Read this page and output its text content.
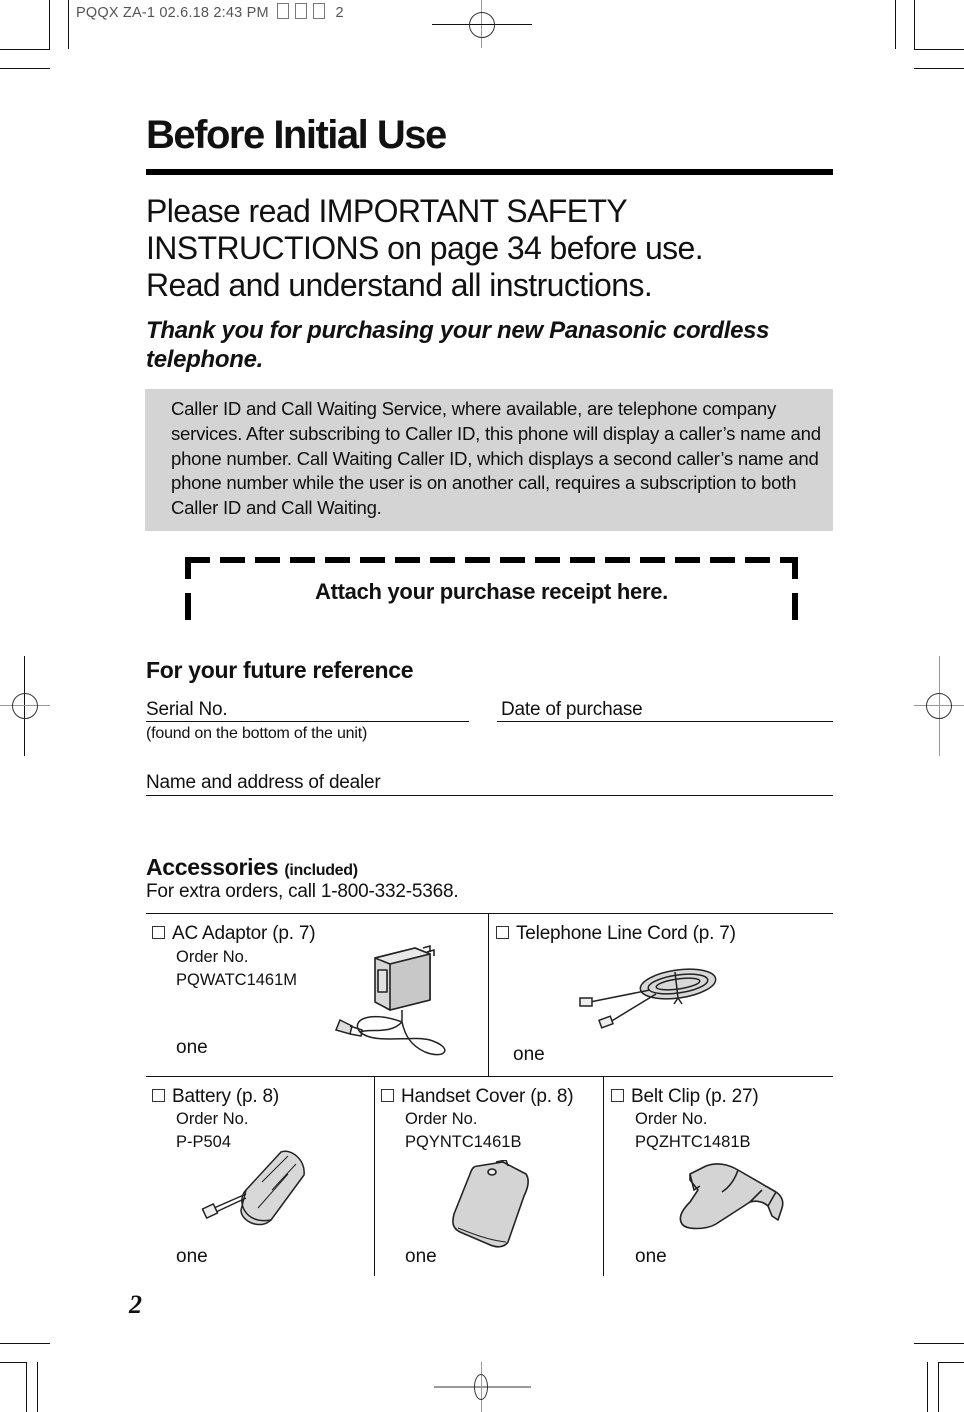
PQQX ZA-1 02.6.18 2:43 PM	2
Before Initial Use
Please read IMPORTANT SAFETY
INSTRUCTIONS on page 34 before use.
Read and understand all instructions.
Thank you for purchasing your new Panasonic cordless telephone.
Caller ID and Call Waiting Service, where available, are telephone company services. After subscribing to Caller ID, this phone will display a caller’s name and phone number. Call Waiting Caller ID, which displays a second caller’s name and phone number while the user is on another call, requires a subscription to both Caller ID and Call Waiting.
Attach your purchase receipt here.
For your future reference
Serial No.
(found on the bottom of the unit)
Date of purchase
Name and address of dealer
Accessories (included)
For extra orders, call 1-800-332-5368.
AC Adaptor (p. 7)
Order No.
PQWATC1461M
one
Telephone Line Cord (p. 7)
one
Battery (p. 8)
Order No.
P-P504
one
Handset Cover (p. 8)
Order No.
PQYNTC1461B
one
Belt Clip (p. 27)
Order No.
PQZHTC1481B
one
2
